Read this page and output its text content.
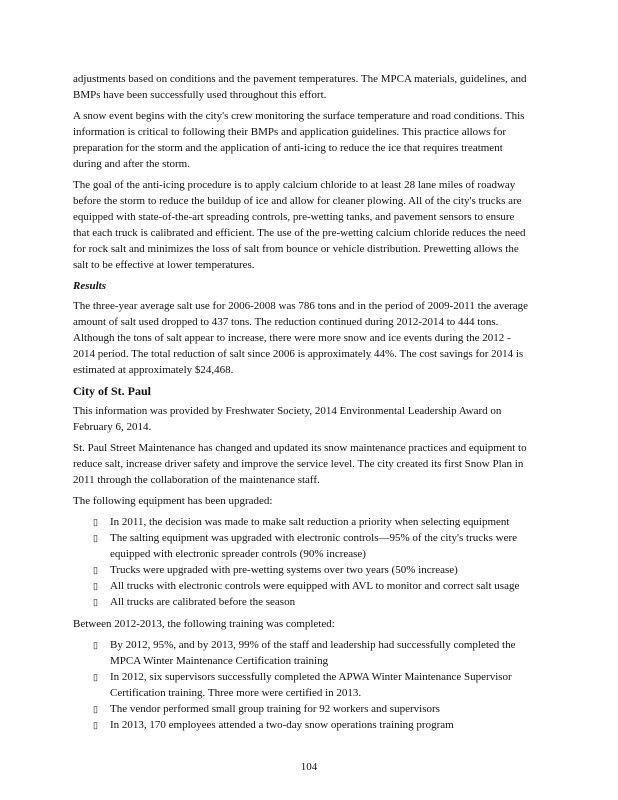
adjustments based on conditions and the pavement temperatures. The MPCA materials, guidelines, and
BMPs have been successfully used throughout this effort.
A snow event begins with the city's crew monitoring the surface temperature and road conditions. This
information is critical to following their BMPs and application guidelines. This practice allows for
preparation for the storm and the application of anti-icing to reduce the ice that requires treatment
during and after the storm.
The goal of the anti-icing procedure is to apply calcium chloride to at least 28 lane miles of roadway
before the storm to reduce the buildup of ice and allow for cleaner plowing. All of the city's trucks are
equipped with state-of-the-art spreading controls, pre-wetting tanks, and pavement sensors to ensure
that each truck is calibrated and efficient. The use of the pre-wetting calcium chloride reduces the need
for rock salt and minimizes the loss of salt from bounce or vehicle distribution. Prewetting allows the
salt to be effective at lower temperatures.
Results
The three-year average salt use for 2006-2008 was 786 tons and in the period of 2009-2011 the average
amount of salt used dropped to 437 tons. The reduction continued during 2012-2014 to 444 tons.
Although the tons of salt appear to increase, there were more snow and ice events during the 2012 -
2014 period. The total reduction of salt since 2006 is approximately 44%. The cost savings for 2014 is
estimated at approximately $24,468.
City of St. Paul
This information was provided by Freshwater Society, 2014 Environmental Leadership Award on
February 6, 2014.
St. Paul Street Maintenance has changed and updated its snow maintenance practices and equipment to
reduce salt, increase driver safety and improve the service level. The city created its first Snow Plan in
2011 through the collaboration of the maintenance staff.
The following equipment has been upgraded:
▯ In 2011, the decision was made to make salt reduction a priority when selecting equipment
▯ The salting equipment was upgraded with electronic controls—95% of the city's trucks were
equipped with electronic spreader controls (90% increase)
▯ Trucks were upgraded with pre-wetting systems over two years (50% increase)
▯ All trucks with electronic controls were equipped with AVL to monitor and correct salt usage
▯ All trucks are calibrated before the season
Between 2012-2013, the following training was completed:
▯ By 2012, 95%, and by 2013, 99% of the staff and leadership had successfully completed the
MPCA Winter Maintenance Certification training
▯ In 2012, six supervisors successfully completed the APWA Winter Maintenance Supervisor
Certification training. Three more were certified in 2013.
▯ The vendor performed small group training for 92 workers and supervisors
▯ In 2013, 170 employees attended a two-day snow operations training program
104
